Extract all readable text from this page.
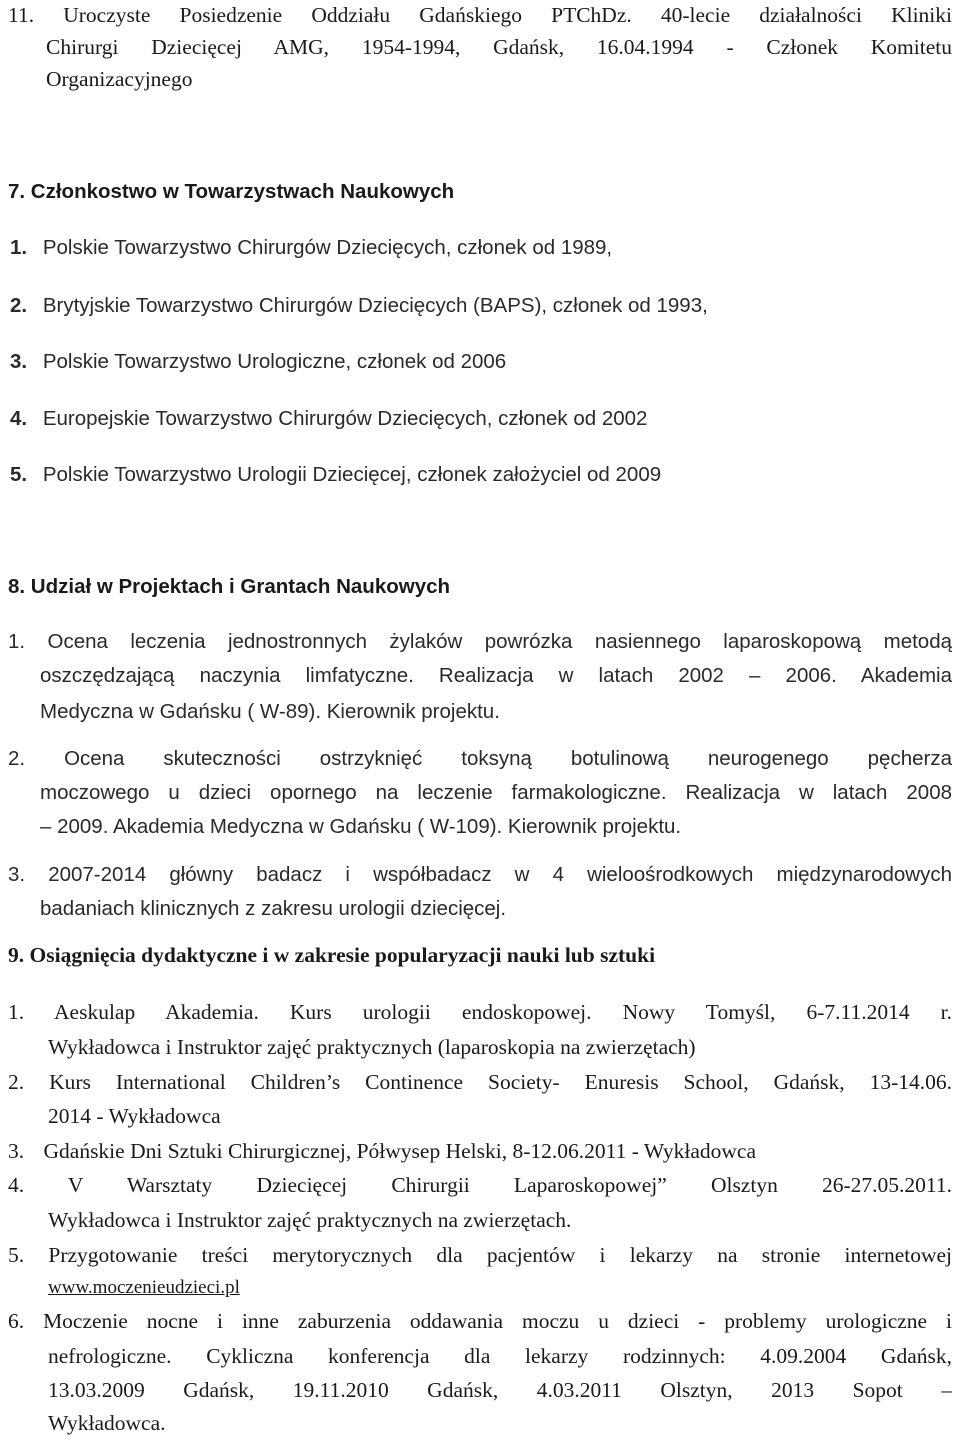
11. Uroczyste Posiedzenie Oddziału Gdańskiego PTChDz. 40-lecie działalności Kliniki
Chirurgi Dziecięcej AMG, 1954-1994, Gdańsk, 16.04.1994 - Członek Komitetu
Organizacyjnego
7. Członkostwo w Towarzystwach Naukowych
1. Polskie Towarzystwo Chirurgów Dziecięcych, członek od 1989,
2. Brytyjskie Towarzystwo Chirurgów Dziecięcych (BAPS), członek od 1993,
3. Polskie Towarzystwo Urologiczne, członek od 2006
4. Europejskie Towarzystwo Chirurgów Dziecięcych, członek od 2002
5. Polskie Towarzystwo Urologii Dziecięcej, członek założyciel od 2009
8. Udział w Projektach i Grantach Naukowych
1. Ocena leczenia jednostronnych żylaków powrózka nasiennego laparoskopową metodą
oszczędzającą naczynia limfatyczne. Realizacja w latach 2002 – 2006. Akademia
Medyczna w Gdańsku ( W-89). Kierownik projektu.
2. Ocena skuteczności ostrzyknięć toksyną botulinową neurogenego pęcherza
moczowego u dzieci opornego na leczenie farmakologiczne. Realizacja w latach 2008
– 2009. Akademia Medyczna w Gdańsku ( W-109). Kierownik projektu.
3. 2007-2014 główny badacz i współbadacz w 4 wieloośrodkowych międzynarodowych
badaniach klinicznych z zakresu urologii dziecięcej.
9. Osiągnięcia dydaktyczne i w zakresie popularyzacji nauki lub sztuki
1. Aeskulap Akademia. Kurs urologii endoskopowej. Nowy Tomyśl, 6-7.11.2014 r.
Wykładowca i Instruktor zajęć praktycznych (laparoskopia na zwierzętach)
2. Kurs International Children’s Continence Society- Enuresis School, Gdańsk, 13-14.06.
2014 - Wykładowca
3. Gdańskie Dni Sztuki Chirurgicznej, Półwysep Helski, 8-12.06.2011 - Wykładowca
4. V Warsztaty Dziecięcej Chirurgii Laparoskopowej” Olsztyn 26-27.05.2011.
Wykładowca i Instruktor zajęć praktycznych na zwierzętach.
5. Przygotowanie treści merytorycznych dla pacjentów i lekarzy na stronie internetowej
www.moczenieudzieci.pl
6. Moczenie nocne i inne zaburzenia oddawania moczu u dzieci - problemy urologiczne i
nefrologiczne. Cykliczna konferencja dla lekarzy rodzinnych: 4.09.2004 Gdańsk,
13.03.2009 Gdańsk, 19.11.2010 Gdańsk, 4.03.2011 Olsztyn, 2013 Sopot –
Wykładowca.
